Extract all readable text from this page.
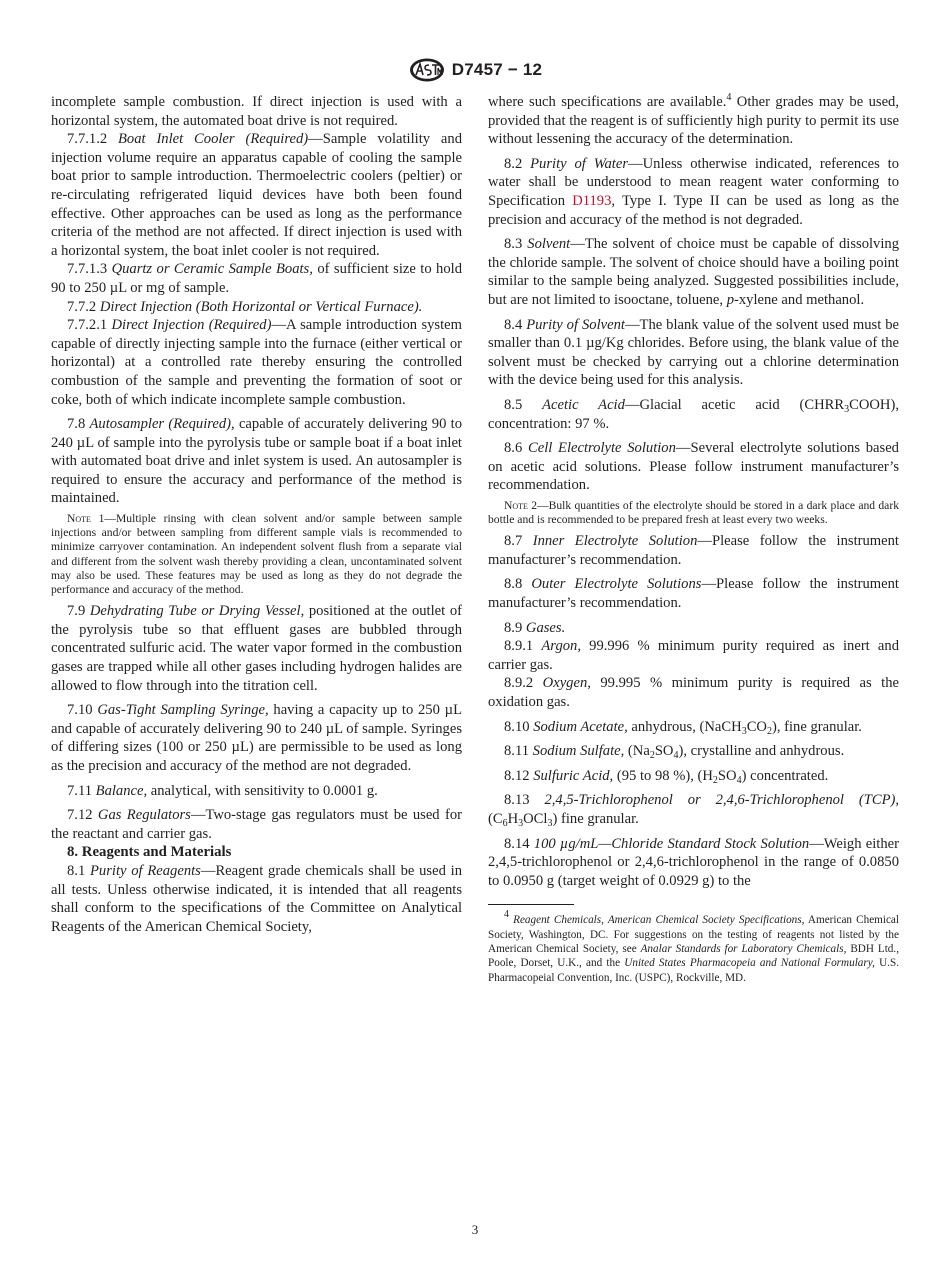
D7457 − 12

incomplete sample combustion. If direct injection is used with a horizontal system, the automated boat drive is not required.

7.7.1.2 Boat Inlet Cooler (Required)—Sample volatility and injection volume require an apparatus capable of cooling the sample boat prior to sample introduction. Thermoelectric coolers (peltier) or re-circulating refrigerated liquid devices have both been found effective. Other approaches can be used as long as the performance criteria of the method are not affected. If direct injection is used with a horizontal system, the boat inlet cooler is not required.

7.7.1.3 Quartz or Ceramic Sample Boats, of sufficient size to hold 90 to 250 µL or mg of sample.

7.7.2 Direct Injection (Both Horizontal or Vertical Furnace).

7.7.2.1 Direct Injection (Required)—A sample introduction system capable of directly injecting sample into the furnace (either vertical or horizontal) at a controlled rate thereby ensuring the controlled combustion of the sample and preventing the formation of soot or coke, both of which indicate incomplete sample combustion.

7.8 Autosampler (Required), capable of accurately delivering 90 to 240 µL of sample into the pyrolysis tube or sample boat if a boat inlet with automated boat drive and inlet system is used. An autosampler is required to ensure the accuracy and performance of the method is maintained.

Note 1—Multiple rinsing with clean solvent and/or sample between sample injections and/or between sampling from different sample vials is recommended to minimize carryover contamination. An independent solvent flush from a separate vial and different from the solvent wash thereby providing a clean, uncontaminated solvent may also be used. These features may be used as long as they do not degrade the performance and accuracy of the method.

7.9 Dehydrating Tube or Drying Vessel, positioned at the outlet of the pyrolysis tube so that effluent gases are bubbled through concentrated sulfuric acid. The water vapor formed in the combustion gases are trapped while all other gases including hydrogen halides are allowed to flow through into the titration cell.

7.10 Gas-Tight Sampling Syringe, having a capacity up to 250 µL and capable of accurately delivering 90 to 240 µL of sample. Syringes of differing sizes (100 or 250 µL) are permissible to be used as long as the precision and accuracy of the method are not degraded.

7.11 Balance, analytical, with sensitivity to 0.0001 g.

7.12 Gas Regulators—Two-stage gas regulators must be used for the reactant and carrier gas.

8. Reagents and Materials

8.1 Purity of Reagents—Reagent grade chemicals shall be used in all tests. Unless otherwise indicated, it is intended that all reagents shall conform to the specifications of the Committee on Analytical Reagents of the American Chemical Society,

where such specifications are available.$^4$ Other grades may be used, provided that the reagent is of sufficiently high purity to permit its use without lessening the accuracy of the determination.

8.2 Purity of Water—Unless otherwise indicated, references to water shall be understood to mean reagent water conforming to Specification D1193, Type I. Type II can be used as long as the precision and accuracy of the method is not degraded.

8.3 Solvent—The solvent of choice must be capable of dissolving the chloride sample. The solvent of choice should have a boiling point similar to the sample being analyzed. Suggested possibilities include, but are not limited to isooctane, toluene, p-xylene and methanol.

8.4 Purity of Solvent—The blank value of the solvent used must be smaller than 0.1 µg/Kg chlorides. Before using, the blank value of the solvent must be checked by carrying out a chlorine determination with the device being used for this analysis.

8.5 Acetic Acid—Glacial acetic acid $(CHRR_3COOH)$, concentration: 97 %.

8.6 Cell Electrolyte Solution—Several electrolyte solutions based on acetic acid solutions. Please follow instrument manufacturer’s recommendation.

Note 2—Bulk quantities of the electrolyte should be stored in a dark place and dark bottle and is recommended to be prepared fresh at least every two weeks.

8.7 Inner Electrolyte Solution—Please follow the instrument manufacturer’s recommendation.

8.8 Outer Electrolyte Solutions—Please follow the instrument manufacturer’s recommendation.

8.9 Gases.

8.9.1 Argon, 99.996 % minimum purity required as inert and carrier gas.

8.9.2 Oxygen, 99.995 % minimum purity is required as the oxidation gas.

8.10 Sodium Acetate, anhydrous, $(NaCH_3CO_2)$, fine granular.

8.11 Sodium Sulfate, $(Na_2SO_4)$, crystalline and anhydrous.

8.12 Sulfuric Acid, (95 to 98 %), $(H_2SO_4)$ concentrated.

8.13 2,4,5-Trichlorophenol or 2,4,6-Trichlorophenol (TCP), $(C_6H_3OCl_3)$ fine granular.

8.14 100 µg/mL—Chloride Standard Stock Solution—Weigh either 2,4,5-trichlorophenol or 2,4,6-trichlorophenol in the range of 0.0850 to 0.0950 g (target weight of 0.0929 g) to the

$^4$ Reagent Chemicals, American Chemical Society Specifications, American Chemical Society, Washington, DC. For suggestions on the testing of reagents not listed by the American Chemical Society, see Analar Standards for Laboratory Chemicals, BDH Ltd., Poole, Dorset, U.K., and the United States Pharmacopeia and National Formulary, U.S. Pharmacopeial Convention, Inc. (USPC), Rockville, MD.
3
